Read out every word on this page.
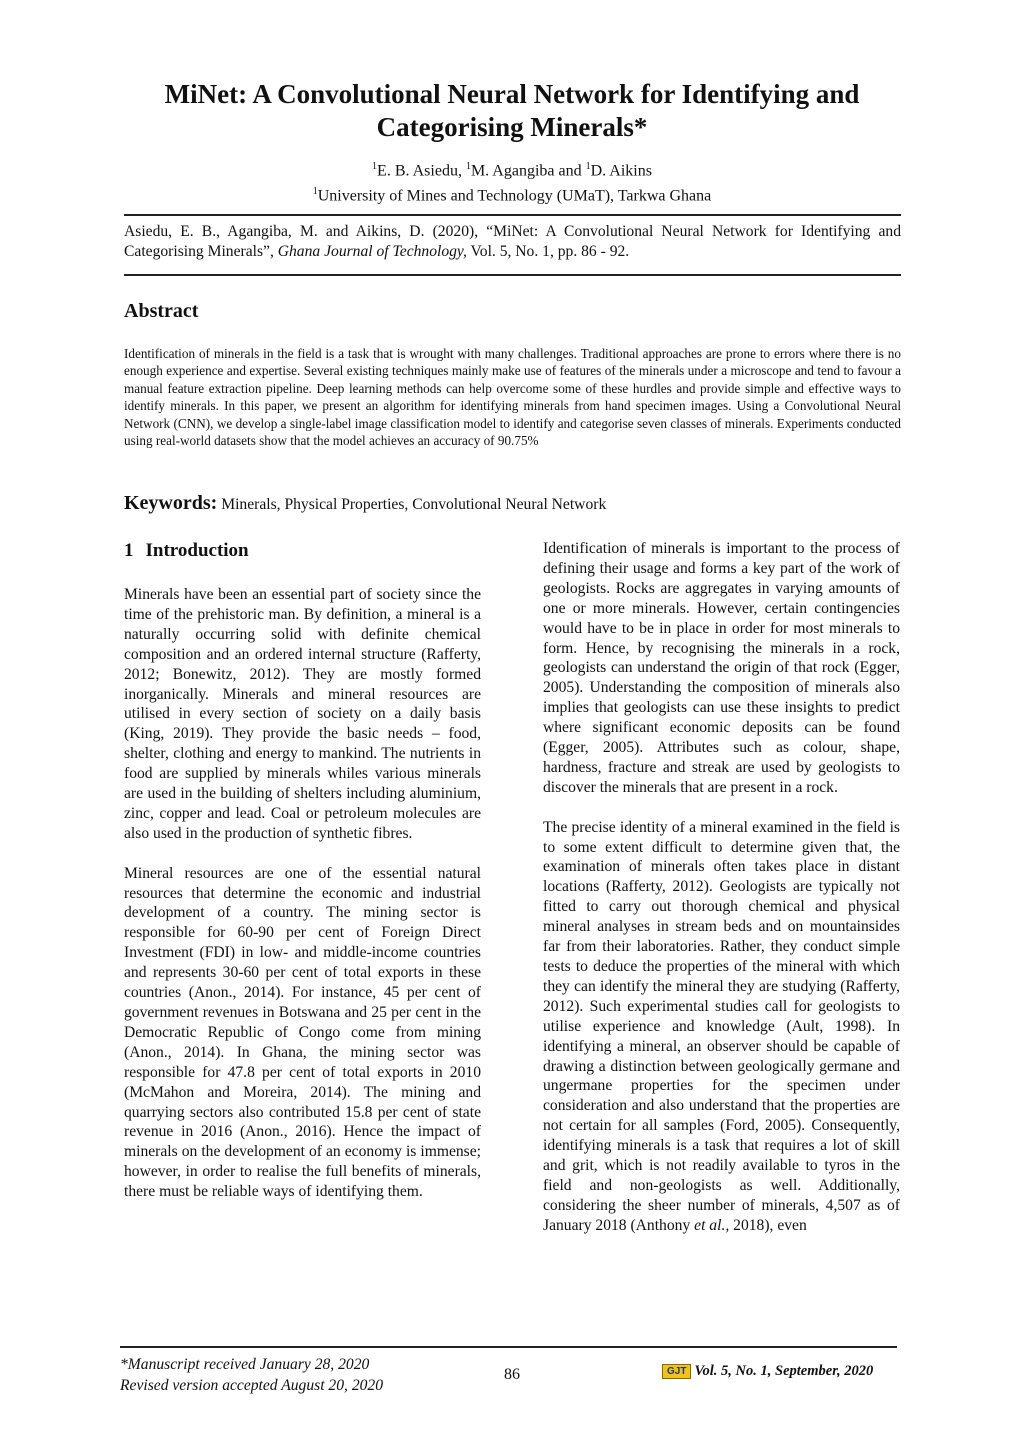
MiNet: A Convolutional Neural Network for Identifying and
Categorising Minerals*
$^1$E. B. Asiedu, $^1$M. Agangiba and $^1$D. Aikins
$^1$University of Mines and Technology (UMaT), Tarkwa Ghana
Asiedu, E. B., Agangiba, M. and Aikins, D. (2020), “MiNet: A Convolutional Neural Network for Identifying and Categorising Minerals”, Ghana Journal of Technology, Vol. 5, No. 1, pp. 86 - 92.
Abstract
Identification of minerals in the field is a task that is wrought with many challenges. Traditional approaches are prone to errors where there is no enough experience and expertise. Several existing techniques mainly make use of features of the minerals under a microscope and tend to favour a manual feature extraction pipeline. Deep learning methods can help overcome some of these hurdles and provide simple and effective ways to identify minerals. In this paper, we present an algorithm for identifying minerals from hand specimen images. Using a Convolutional Neural Network (CNN), we develop a single-label image classification model to identify and categorise seven classes of minerals. Experiments conducted using real-world datasets show that the model achieves an accuracy of 90.75%
Keywords: Minerals, Physical Properties, Convolutional Neural Network
1 Introduction

Minerals have been an essential part of society since the time of the prehistoric man. By definition, a mineral is a naturally occurring solid with definite chemical composition and an ordered internal structure (Rafferty, 2012; Bonewitz, 2012). They are mostly formed inorganically. Minerals and mineral resources are utilised in every section of society on a daily basis (King, 2019). They provide the basic needs – food, shelter, clothing and energy to mankind. The nutrients in food are supplied by minerals whiles various minerals are used in the building of shelters including aluminium, zinc, copper and lead. Coal or petroleum molecules are also used in the production of synthetic fibres.

Mineral resources are one of the essential natural resources that determine the economic and industrial development of a country. The mining sector is responsible for 60-90 per cent of Foreign Direct Investment (FDI) in low- and middle-income countries and represents 30-60 per cent of total exports in these countries (Anon., 2014). For instance, 45 per cent of government revenues in Botswana and 25 per cent in the Democratic Republic of Congo come from mining (Anon., 2014). In Ghana, the mining sector was responsible for 47.8 per cent of total exports in 2010 (McMahon and Moreira, 2014). The mining and quarrying sectors also contributed 15.8 per cent of state revenue in 2016 (Anon., 2016). Hence the impact of minerals on the development of an economy is immense; however, in order to realise the full benefits of minerals, there must be reliable ways of identifying them.

Identification of minerals is important to the process of defining their usage and forms a key part of the work of geologists. Rocks are aggregates in varying amounts of one or more minerals. However, certain contingencies would have to be in place in order for most minerals to form. Hence, by recognising the minerals in a rock, geologists can understand the origin of that rock (Egger, 2005). Understanding the composition of minerals also implies that geologists can use these insights to predict where significant economic deposits can be found (Egger, 2005). Attributes such as colour, shape, hardness, fracture and streak are used by geologists to discover the minerals that are present in a rock.

The precise identity of a mineral examined in the field is to some extent difficult to determine given that, the examination of minerals often takes place in distant locations (Rafferty, 2012). Geologists are typically not fitted to carry out thorough chemical and physical mineral analyses in stream beds and on mountainsides far from their laboratories. Rather, they conduct simple tests to deduce the properties of the mineral with which they can identify the mineral they are studying (Rafferty, 2012). Such experimental studies call for geologists to utilise experience and knowledge (Ault, 1998). In identifying a mineral, an observer should be capable of drawing a distinction between geologically germane and ungermane properties for the specimen under consideration and also understand that the properties are not certain for all samples (Ford, 2005). Consequently, identifying minerals is a task that requires a lot of skill and grit, which is not readily available to tyros in the field and non-geologists as well. Additionally, considering the sheer number of minerals, 4,507 as of January 2018 (Anthony et al., 2018), even

*Manuscript received January 28, 2020
Revised version accepted August 20, 2020
86	GJT Vol. 5, No. 1, September, 2020
